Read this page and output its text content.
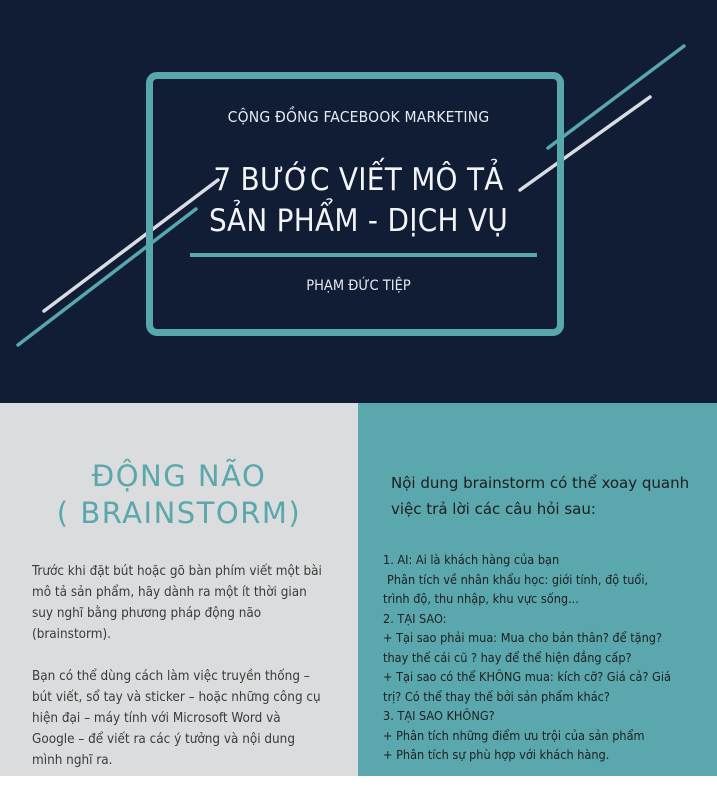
CỘNG ĐỒNG FACEBOOK MARKETING
7 BƯỚC VIẾT MÔ TẢ
SẢN PHẨM - DỊCH VỤ
PHẠM ĐỨC TIỆP
ĐỘNG NÃO
( BRAINSTORM)

Trước khi đặt bút hoặc gõ bàn phím viết một bài mô tả sản phẩm, hãy dành ra một ít thời gian suy nghĩ bằng phương pháp động não (brainstorm).

Bạn có thể dùng cách làm việc truyền thống – bút viết, sổ tay và sticker – hoặc những công cụ hiện đại – máy tính với Microsoft Word và Google – để viết ra các ý tưởng và nội dung mình nghĩ ra.

Nội dung brainstorm có thể xoay quanh việc trả lời các câu hỏi sau:
1. AI: Ai là khách hàng của bạn
Phân tích về nhân khẩu học: giới tính, độ tuổi,
trình độ, thu nhập, khu vực sống...
2. TẠI SAO:
+ Tại sao phải mua: Mua cho bản thân? để tặng?
thay thế cái cũ ? hay để thể hiện đẳng cấp?
+ Tại sao có thể KHÔNG mua: kích cỡ? Giá cả? Giá
trị? Có thể thay thế bởi sản phẩm khác?
3. TẠI SAO KHÔNG?
+ Phân tích những điểm ưu trội của sản phẩm
+ Phân tích sự phù hợp với khách hàng.
